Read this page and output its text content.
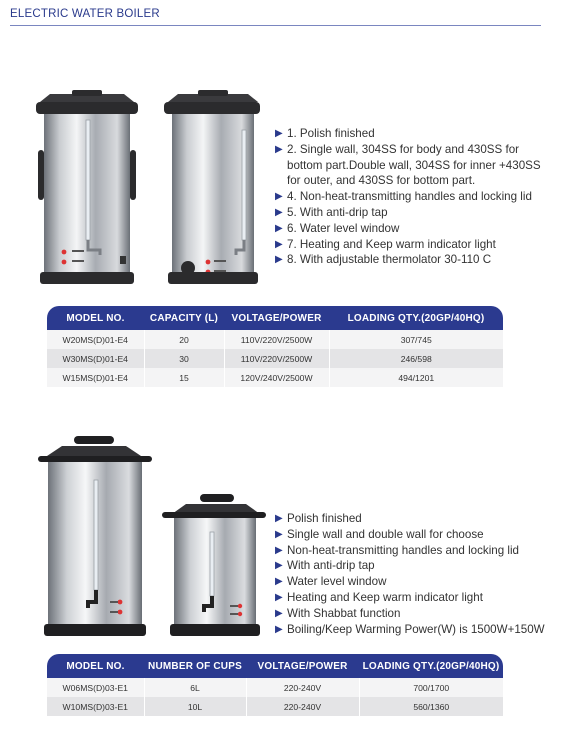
ELECTRIC WATER BOILER
▶ 1. Polish finished
▶ 2. Single wall, 304SS for body and 430SS for bottom part.Double wall, 304SS for inner +430SS for outer, and 430SS for bottom part.
▶ 4. Non-heat-transmitting handles and locking lid
▶ 5. With anti-drip tap
▶ 6. Water level window
▶ 7. Heating and Keep warm indicator light
▶ 8. With adjustable thermolator 30-110 C
MODEL NO.	CAPACITY (L)	VOLTAGE/POWER	LOADING QTY.(20GP/40HQ)
W20MS(D)01-E4	20	110V/220V/2500W	307/745
W30MS(D)01-E4	30	110V/220V/2500W	246/598
W15MS(D)01-E4	15	120V/240V/2500W	494/1201
▶ Polish finished
▶ Single wall and double wall for choose
▶ Non-heat-transmitting handles and locking lid
▶ With anti-drip tap
▶ Water level window
▶ Heating and Keep warm indicator light
▶ With Shabbat function
▶ Boiling/Keep Warming Power(W) is 1500W+150W
MODEL NO.	NUMBER OF CUPS	VOLTAGE/POWER	LOADING QTY.(20GP/40HQ)
W06MS(D)03-E1	6L	220-240V	700/1700
W10MS(D)03-E1	10L	220-240V	560/1360
